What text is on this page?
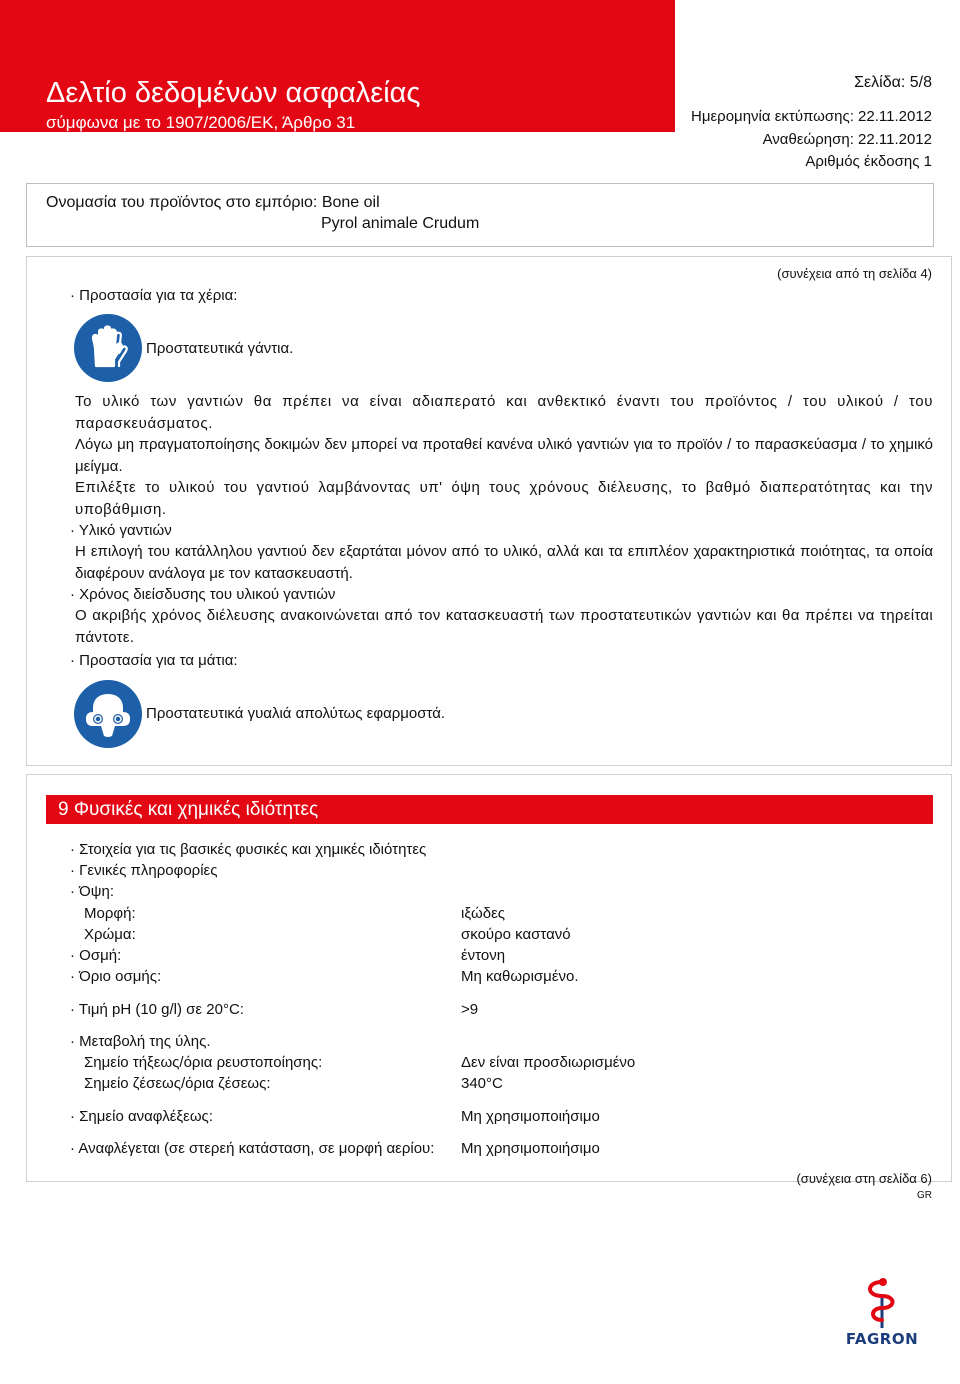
Δελτίο δεδομένων ασφαλείας
σύμφωνα με το 1907/2006/ΕΚ, Άρθρο 31
Σελίδα: 5/8
Ημερομηνία εκτύπωσης: 22.11.2012
Αναθεώρηση: 22.11.2012
Αριθμός έκδοσης 1
Ονομασία του προϊόντος στο εμπόριο: Bone oil
Pyrol animale Crudum
· Προστασία για τα χέρια:
(συνέχεια από τη σελίδα 4)
Προστατευτικά γάντια.
Το υλικό των γαντιών θα πρέπει να είναι αδιαπερατό και ανθεκτικό έναντι του προϊόντος / του υλικού / του παρασκευάσματος.
Λόγω μη πραγματοποίησης δοκιμών δεν μπορεί να προταθεί κανένα υλικό γαντιών για το προϊόν / το παρασκεύασμα / το χημικό μείγμα.
Επιλέξτε το υλικού του γαντιού λαμβάνοντας υπ' όψη τους χρόνους διέλευσης, το βαθμό διαπερατότητας και την υποβάθμιση.
· Υλικό γαντιών
Η επιλογή του κατάλληλου γαντιού δεν εξαρτάται μόνον από το υλικό, αλλά και τα επιπλέον χαρακτηριστικά ποιότητας, τα οποία διαφέρουν ανάλογα με τον κατασκευαστή.
· Χρόνος διείσδυσης του υλικού γαντιών
Ο ακριβής χρόνος διέλευσης ανακοινώνεται από τον κατασκευαστή των προστατευτικών γαντιών και θα πρέπει να τηρείται πάντοτε.
· Προστασία για τα μάτια:
Προστατευτικά γυαλιά απολύτως εφαρμοστά.
9 Φυσικές και χημικές ιδιότητες
· Στοιχεία για τις βασικές φυσικές και χημικές ιδιότητες
· Γενικές πληροφορίες
· Όψη:
Μορφή:	ιξώδες
Χρώμα:	σκούρο καστανό
· Οσμή:	έντονη
· Όριο οσμής:	Μη καθωρισμένο.
· Τιμή pH (10 g/l) σε 20°C:	>9
· Μεταβολή της ύλης.
Σημείο τήξεως/όρια ρευστοποίησης:	Δεν είναι προσδιωρισμένο
Σημείο ζέσεως/όρια ζέσεως:	340°C
· Σημείο αναφλέξεως:	Μη χρησιμοποιήσιμο
· Αναφλέγεται (σε στερεή κατάσταση, σε μορφή αερίου: Μη χρησιμοποιήσιμο
(συνέχεια στη σελίδα 6)
GR
FAGRON
